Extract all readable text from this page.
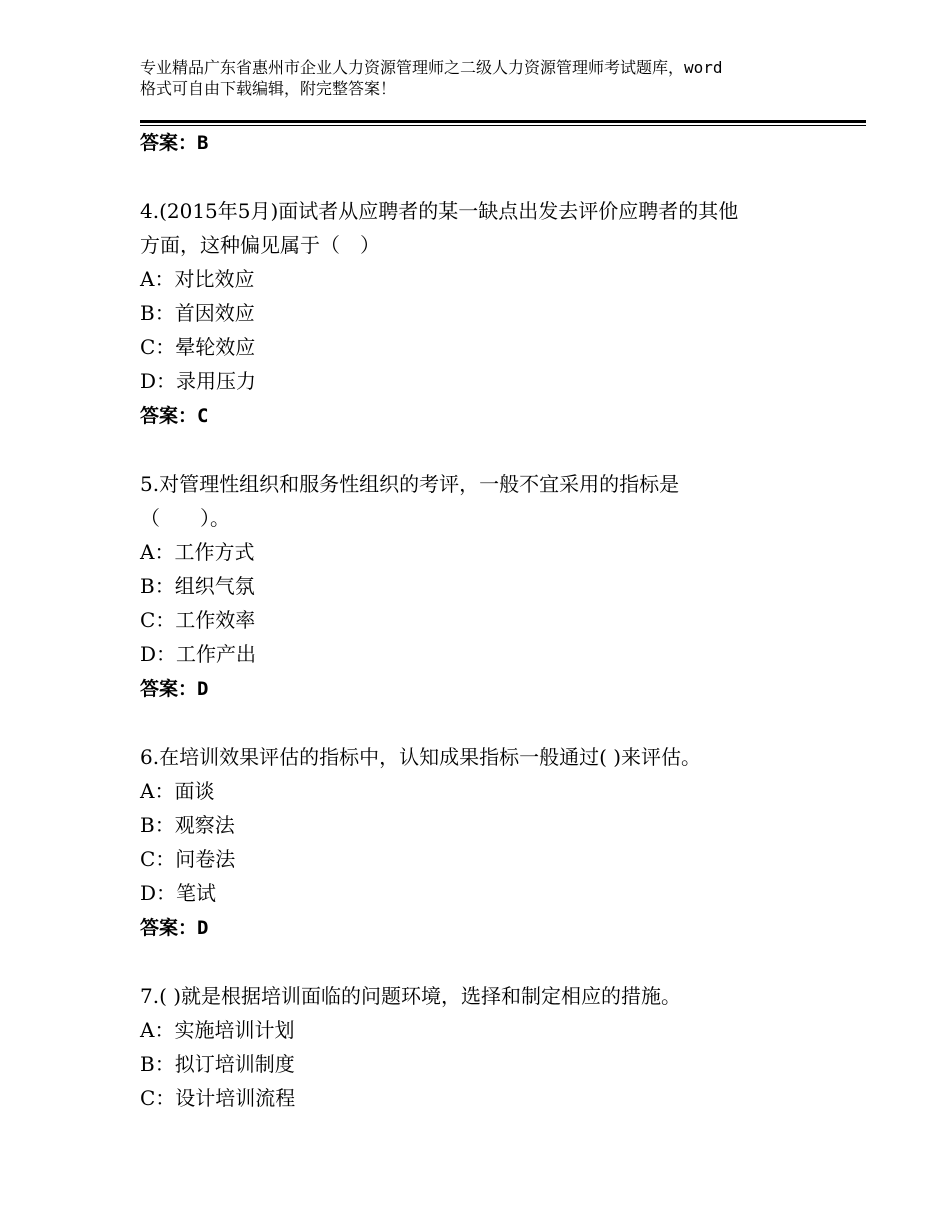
专业精品广东省惠州市企业人力资源管理师之二级人力资源管理师考试题库，word
格式可自由下载编辑，附完整答案！
答案：B
4.(2015年5月)面试者从应聘者的某一缺点出发去评价应聘者的其他
方面，这种偏见属于（　）
A：对比效应
B：首因效应
C：晕轮效应
D：录用压力
答案：C
5.对管理性组织和服务性组织的考评，一般不宜采用的指标是
（　　）。
A：工作方式
B：组织气氛
C：工作效率
D：工作产出
答案：D
6.在培训效果评估的指标中，认知成果指标一般通过( )来评估。
A：面谈
B：观察法
C：问卷法
D：笔试
答案：D
7.( )就是根据培训面临的问题环境，选择和制定相应的措施。
A：实施培训计划
B：拟订培训制度
C：设计培训流程
